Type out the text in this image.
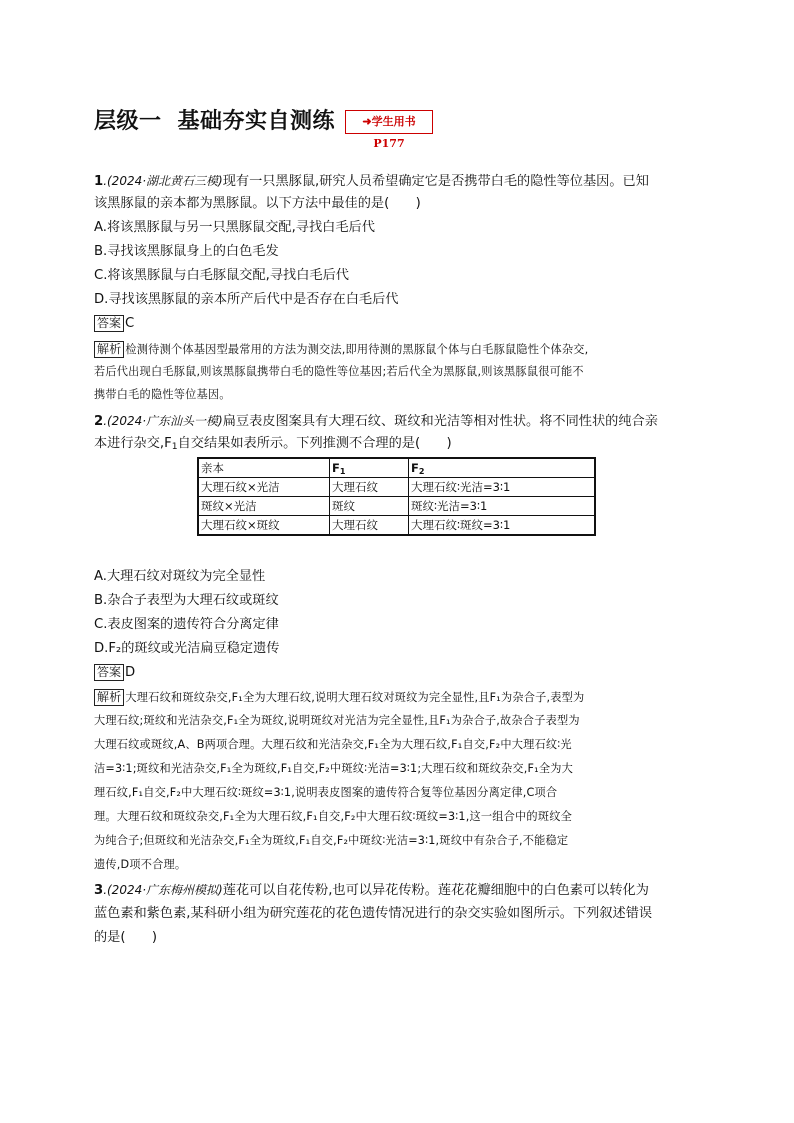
层级一 基础夯实自测练	➜学生用书 P177
1.(2024·湖北黄石三模)现有一只黑豚鼠,研究人员希望确定它是否携带白毛的隐性等位基因。已知
该黑豚鼠的亲本都为黑豚鼠。以下方法中最佳的是(　　)
A.将该黑豚鼠与另一只黑豚鼠交配,寻找白毛后代
B.寻找该黑豚鼠身上的白色毛发
C.将该黑豚鼠与白毛豚鼠交配,寻找白毛后代
D.寻找该黑豚鼠的亲本所产后代中是否存在白毛后代
答案 C
解析 检测待测个体基因型最常用的方法为测交法,即用待测的黑豚鼠个体与白毛豚鼠隐性个体杂交,
若后代出现白毛豚鼠,则该黑豚鼠携带白毛的隐性等位基因;若后代全为黑豚鼠,则该黑豚鼠很可能不
携带白毛的隐性等位基因。
2.(2024·广东汕头一模)扁豆表皮图案具有大理石纹、斑纹和光洁等相对性状。将不同性状的纯合亲
本进行杂交$,F_1$自交结果如表所示。下列推测不合理的是(　　)
亲本	$F_1$	$F_2$
大理石纹×光洁	大理石纹	大理石纹∶光洁=3∶1
斑纹×光洁	斑纹	斑纹∶光洁=3∶1
大理石纹×斑纹	大理石纹	大理石纹∶斑纹=3∶1
A.大理石纹对斑纹为完全显性
B.杂合子表型为大理石纹或斑纹
C.表皮图案的遗传符合分离定律
D.F₂的斑纹或光洁扁豆稳定遗传
答案 D
解析 大理石纹和斑纹杂交,F₁全为大理石纹,说明大理石纹对斑纹为完全显性,且F₁为杂合子,表型为
大理石纹;斑纹和光洁杂交,F₁全为斑纹,说明斑纹对光洁为完全显性,且F₁为杂合子,故杂合子表型为
大理石纹或斑纹,A、B两项合理。大理石纹和光洁杂交,F₁全为大理石纹,F₁自交,F₂中大理石纹∶光
洁=3∶1;斑纹和光洁杂交,F₁全为斑纹,F₁自交,F₂中斑纹∶光洁=3∶1;大理石纹和斑纹杂交,F₁全为大
理石纹,F₁自交,F₂中大理石纹∶斑纹=3∶1,说明表皮图案的遗传符合复等位基因分离定律,C项合
理。大理石纹和斑纹杂交,F₁全为大理石纹,F₁自交,F₂中大理石纹∶斑纹=3∶1,这一组合中的斑纹全
为纯合子;但斑纹和光洁杂交,F₁全为斑纹,F₁自交,F₂中斑纹∶光洁=3∶1,斑纹中有杂合子,不能稳定
遗传,D项不合理。
3.(2024·广东梅州模拟)莲花可以自花传粉,也可以异花传粉。莲花花瓣细胞中的白色素可以转化为
蓝色素和紫色素,某科研小组为研究莲花的花色遗传情况进行的杂交实验如图所示。下列叙述错误
的是(　　)
